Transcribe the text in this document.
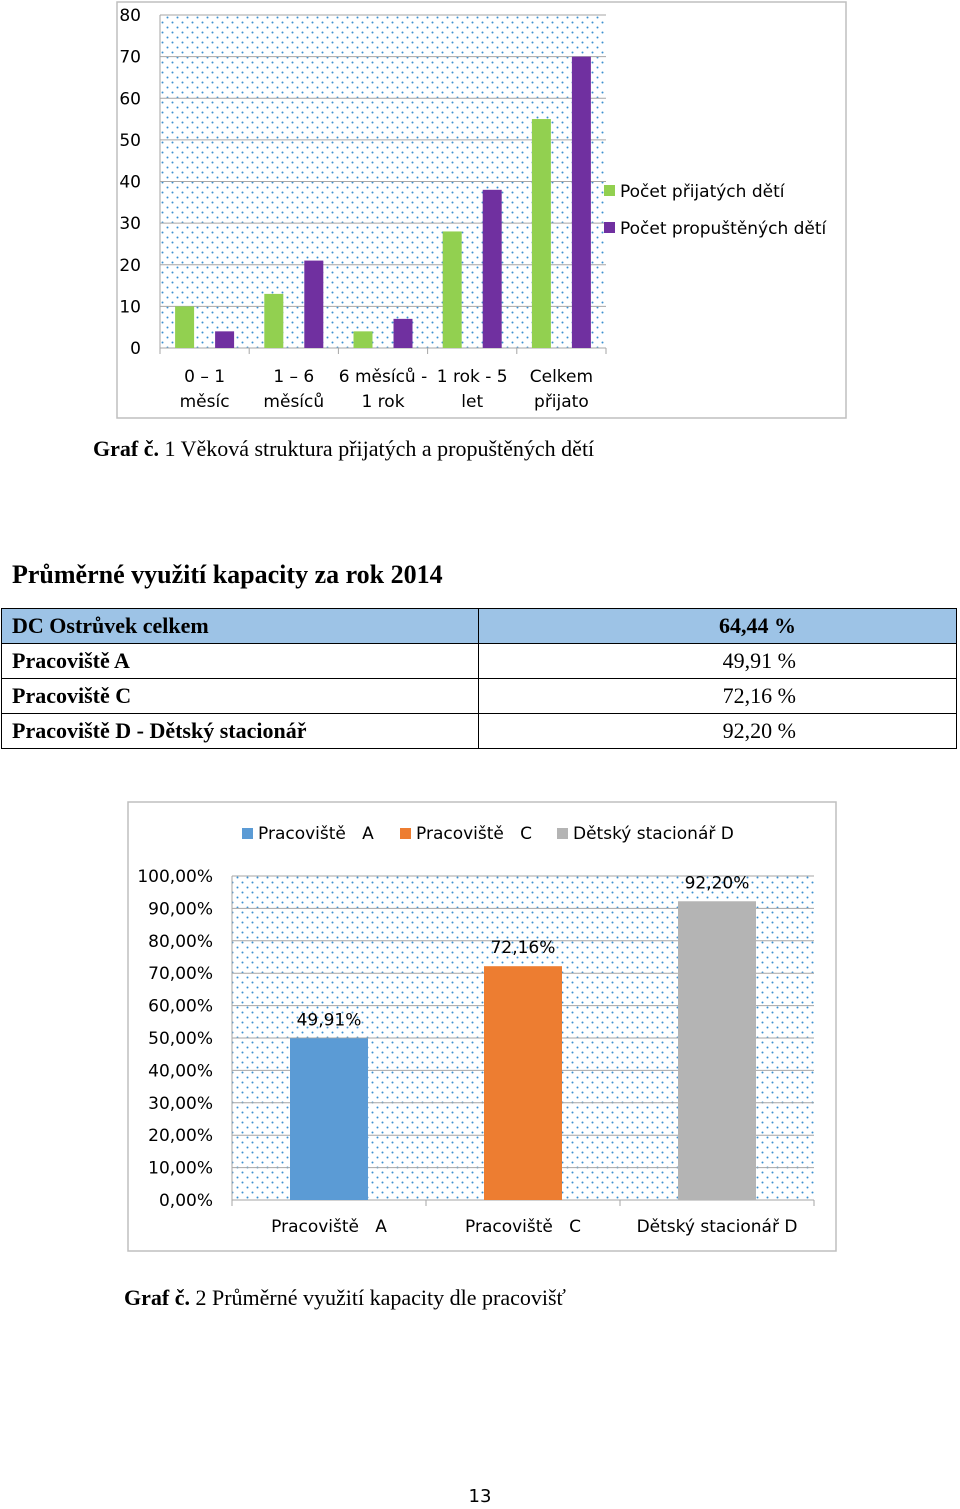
0
10
20
30
40
50
60
70
80
0 – 1
měsíc
1 – 6
měsíců
6 měsíců -
1 rok
1 rok - 5
let
Celkem
přijato
Počet přijatých dětí
Počet propuštěných dětí

Graf č. 1 Věková struktura přijatých a propuštěných dětí

Průměrné využití kapacity za rok 2014
DC Ostrůvek celkem	64,44 %
Pracoviště A	49,91 %
Pracoviště C	72,16 %
Pracoviště D - Dětský stacionář	92,20 %
0,00%
10,00%
20,00%
30,00%
40,00%
50,00%
60,00%
70,00%
80,00%
90,00%
100,00%
49,91%
72,16%
92,20%
Pracoviště   A	Pracoviště   C	Dětský stacionář D
Pracoviště   A Pracoviště   C Dětský stacionář D

Graf č. 2 Průměrné využití kapacity dle pracovišť

13
